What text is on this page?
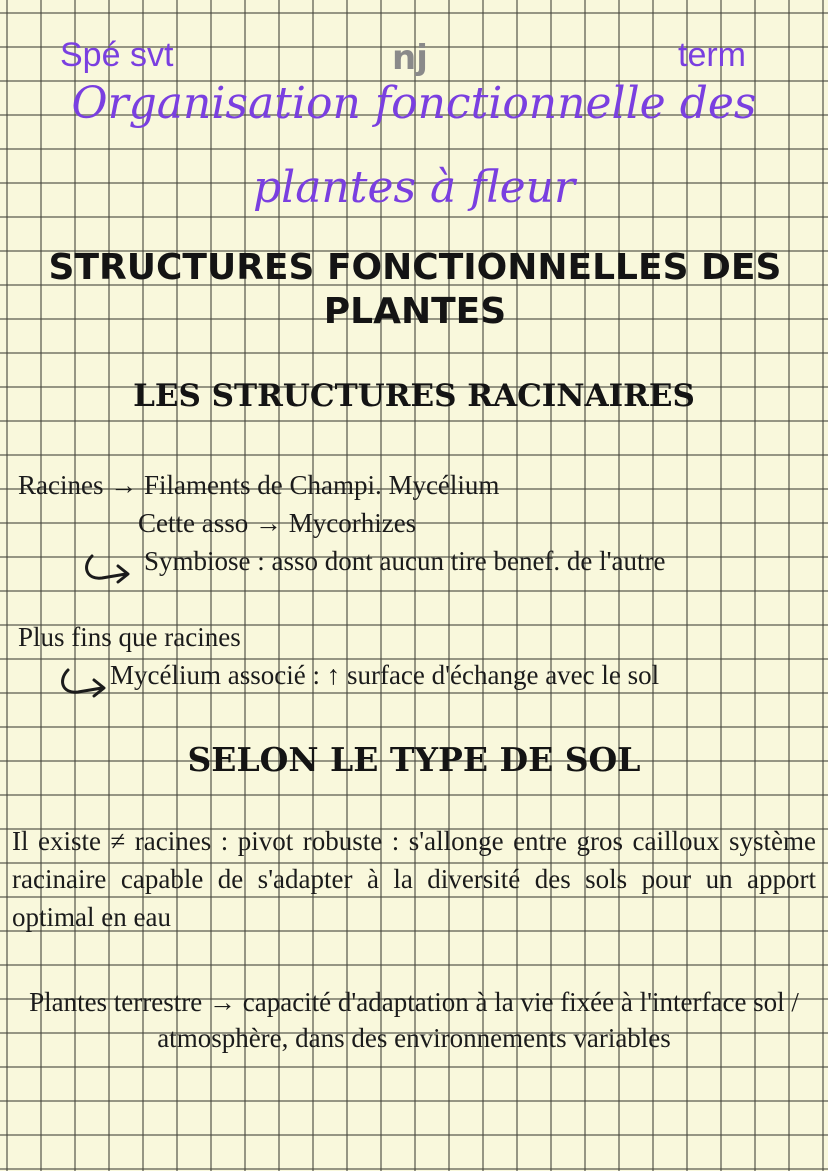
Spé svt	nj	term
Organisation fonctionnelle des
plantes à fleur
STRUCTURES FONCTIONNELLES DES
PLANTES
LES STRUCTURES RACINAIRES
Racines → Filaments de Champi. Mycélium
Cette asso → Mycorhizes
Symbiose : asso dont aucun tire benef. de l'autre
Plus fins que racines
Mycélium associé : ↑ surface d'échange avec le sol
SELON LE TYPE DE SOL
Il existe ≠ racines : pivot robuste : s'allonge entre gros cailloux système racinaire capable de s'adapter à la diversité des sols pour un apport optimal en eau
Plantes terrestre → capacité d'adaptation à la vie fixée à l'interface sol / atmosphère, dans des environnements variables
